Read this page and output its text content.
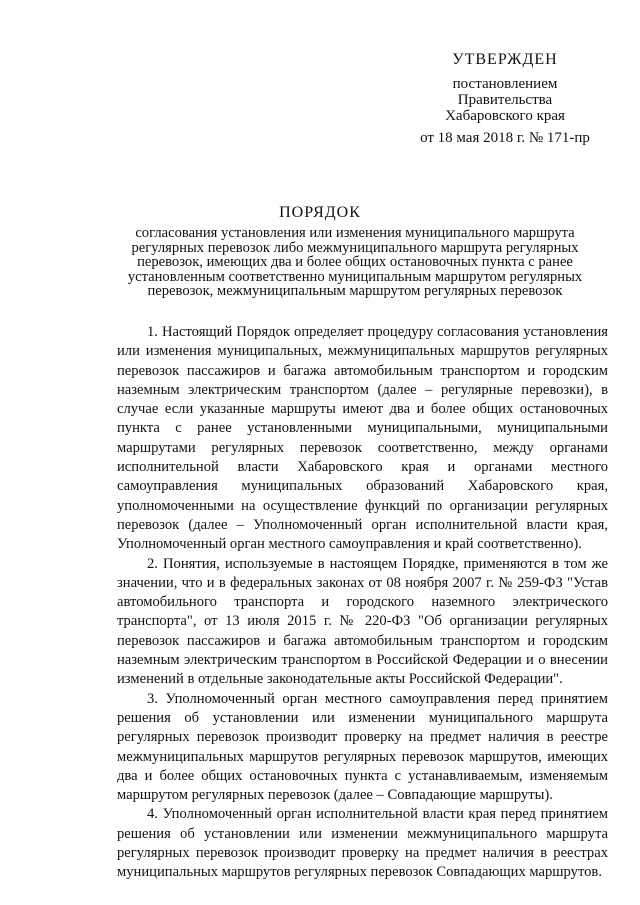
УТВЕРЖДЕН
постановлением
Правительства
Хабаровского края
от 18 мая 2018 г. № 171-пр
ПОРЯДОК
согласования установления или изменения муниципального маршрута регулярных перевозок либо межмуниципального маршрута регулярных перевозок, имеющих два и более общих остановочных пункта с ранее установленным соответственно муниципальным маршрутом регулярных перевозок, межмуниципальным маршрутом регулярных перевозок

1. Настоящий Порядок определяет процедуру согласования установления или изменения муниципальных, межмуниципальных маршрутов регулярных перевозок пассажиров и багажа автомобильным транспортом и городским наземным электрическим транспортом (далее – регулярные перевозки), в случае если указанные маршруты имеют два и более общих остановочных пункта с ранее установленными муниципальными, муниципальными маршрутами регулярных перевозок соответственно, между органами исполнительной власти Хабаровского края и органами местного самоуправления муниципальных образований Хабаровского края, уполномоченными на осуществление функций по организации регулярных перевозок (далее – Уполномоченный орган исполнительной власти края, Уполномоченный орган местного самоуправления и край соответственно).

2. Понятия, используемые в настоящем Порядке, применяются в том же значении, что и в федеральных законах от 08 ноября 2007 г. № 259-ФЗ "Устав автомобильного транспорта и городского наземного электрического транспорта", от 13 июля 2015 г. № 220-ФЗ "Об организации регулярных перевозок пассажиров и багажа автомобильным транспортом и городским наземным электрическим транспортом в Российской Федерации и о внесении изменений в отдельные законодательные акты Российской Федерации".

3. Уполномоченный орган местного самоуправления перед принятием решения об установлении или изменении муниципального маршрута регулярных перевозок производит проверку на предмет наличия в реестре межмуниципальных маршрутов регулярных перевозок маршрутов, имеющих два и более общих остановочных пункта с устанавливаемым, изменяемым маршрутом регулярных перевозок (далее – Совпадающие маршруты).

4. Уполномоченный орган исполнительной власти края перед принятием решения об установлении или изменении межмуниципального маршрута регулярных перевозок производит проверку на предмет наличия в реестрах муниципальных маршрутов регулярных перевозок Совпадающих маршрутов.
